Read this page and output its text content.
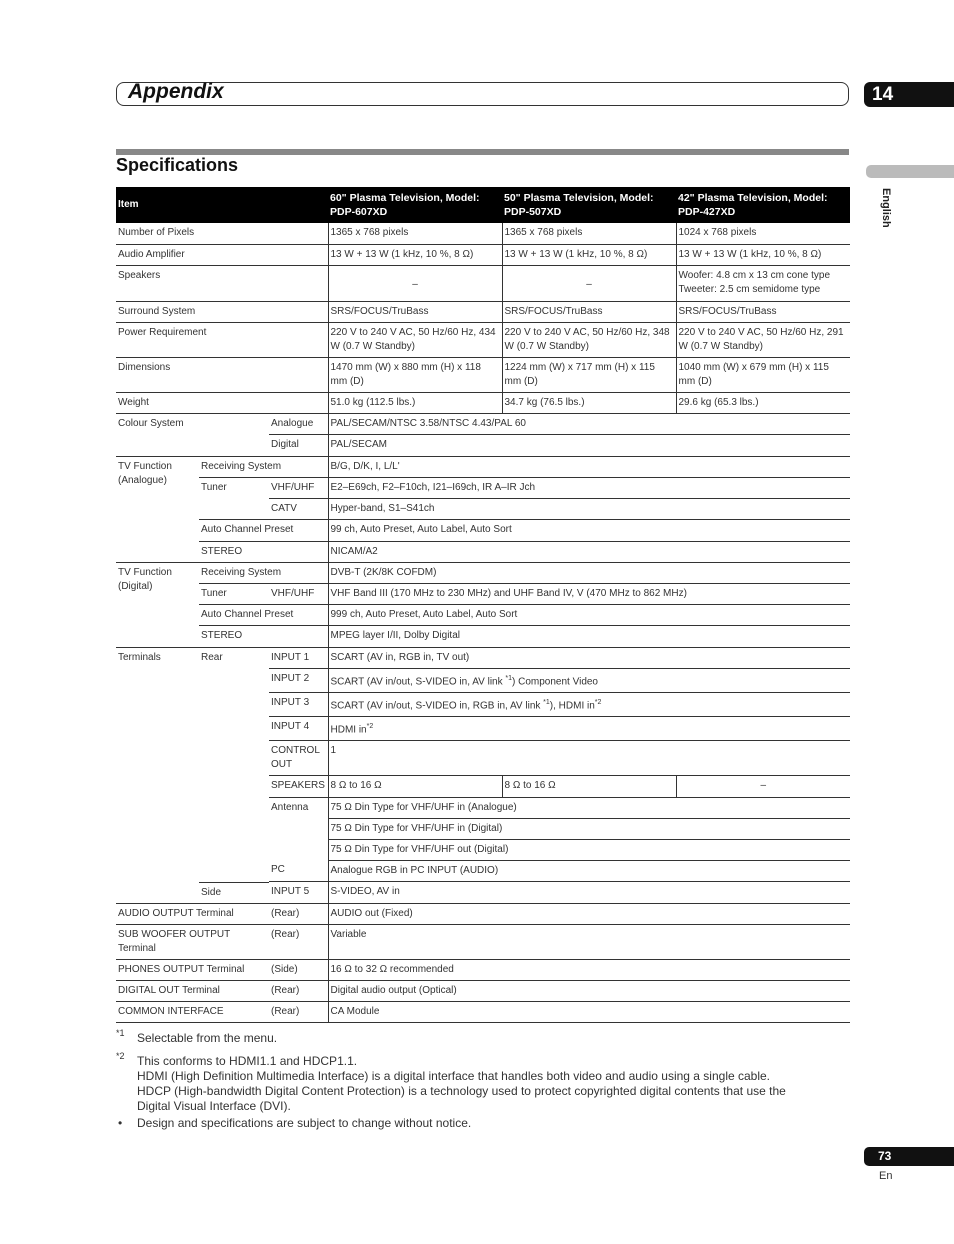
Appendix	14
Specifications
English
Item			60" Plasma Television, Model: PDP-607XD	50" Plasma Television, Model: PDP-507XD	42" Plasma Television, Model: PDP-427XD
Number of Pixels			1365 x 768 pixels	1365 x 768 pixels	1024 x 768 pixels
Audio Amplifier			13 W + 13 W (1 kHz, 10 %, 8 Ω)	13 W + 13 W (1 kHz, 10 %, 8 Ω)	13 W + 13 W (1 kHz, 10 %, 8 Ω)
Speakers			–	–	Woofer: 4.8 cm x 13 cm cone type
Tweeter: 2.5 cm semidome type
Surround System			SRS/FOCUS/TruBass	SRS/FOCUS/TruBass	SRS/FOCUS/TruBass
Power Requirement			220 V to 240 V AC, 50 Hz/60 Hz, 434 W (0.7 W Standby)	220 V to 240 V AC, 50 Hz/60 Hz, 348 W (0.7 W Standby)	220 V to 240 V AC, 50 Hz/60 Hz, 291 W (0.7 W Standby)
Dimensions			1470 mm (W) x 880 mm (H) x 118 mm (D)	1224 mm (W) x 717 mm (H) x 115 mm (D)	1040 mm (W) x 679 mm (H) x 115 mm (D)
Weight			51.0 kg (112.5 lbs.)	34.7 kg (76.5 lbs.)	29.6 kg (65.3 lbs.)
Colour System		Analogue	PAL/SECAM/NTSC 3.58/NTSC 4.43/PAL 60		
		Digital	PAL/SECAM		
TV Function
(Analogue)	Receiving System		B/G, D/K, I, L/L'		
	Tuner	VHF/UHF	E2–E69ch, F2–F10ch, I21–I69ch, IR A–IR Jch		
		CATV	Hyper-band, S1–S41ch		
	Auto Channel Preset		99 ch, Auto Preset, Auto Label, Auto Sort		
	STEREO		NICAM/A2		
TV Function
(Digital)	Receiving System		DVB-T (2K/8K COFDM)		
	Tuner	VHF/UHF	VHF Band III (170 MHz to 230 MHz) and UHF Band IV, V (470 MHz to 862 MHz)		
	Auto Channel Preset		999 ch, Auto Preset, Auto Label, Auto Sort		
	STEREO		MPEG layer I/II, Dolby Digital		
Terminals	Rear	INPUT 1	SCART (AV in, RGB in, TV out)		
		INPUT 2	SCART (AV in/out, S-VIDEO in, AV link $^{*1}$) Component Video		
		INPUT 3	SCART (AV in/out, S-VIDEO in, RGB in, AV link $^{*1}$), HDMI $in^{*2}$
		INPUT 4	HDMI $in^{*2}$
		CONTROL
OUT	1		
		SPEAKERS	8 Ω to 16 Ω	8 Ω to 16 Ω	–
		Antenna	75 Ω Din Type for VHF/UHF in (Analogue)		
			75 Ω Din Type for VHF/UHF in (Digital)		
			75 Ω Din Type for VHF/UHF out (Digital)		
		PC	Analogue RGB in PC INPUT (AUDIO)		

	Side	INPUT 5	S-VIDEO, AV in		
AUDIO OUTPUT Terminal		(Rear)	AUDIO out (Fixed)		
SUB WOOFER OUTPUT
Terminal		(Rear)	Variable		
PHONES OUTPUT Terminal		(Side)	16 Ω to 32 Ω recommended		
DIGITAL OUT Terminal		(Rear)	Digital audio output (Optical)		
COMMON INTERFACE		(Rear)	CA Module		
*1 Selectable from the menu.
*2 This conforms to HDMI1.1 and HDCP1.1.
HDMI (High Definition Multimedia Interface) is a digital interface that handles both video and audio using a single cable.
HDCP (High-bandwidth Digital Content Protection) is a technology used to protect copyrighted digital contents that use the
Digital Visual Interface (DVI).
• Design and specifications are subject to change without notice.
73
En
